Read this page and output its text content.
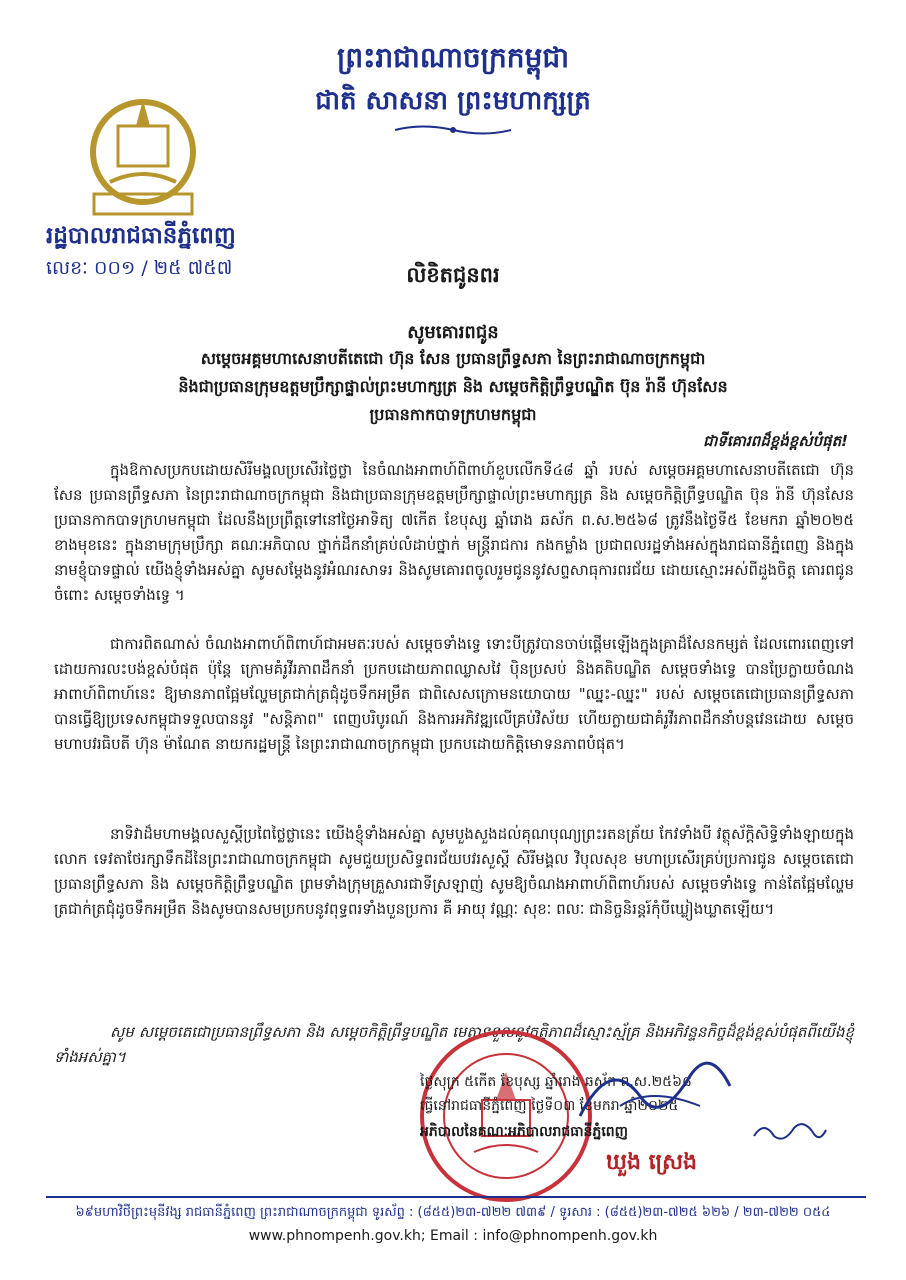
ព្រះរាជាណាចក្រកម្ពុជា
ជាតិ សាសនា ព្រះមហាក្សត្រ
រដ្ឋបាលរាជធានីភ្នំពេញ
លេខៈ ០០១ / ២៥ ៧៥៧	លិខិតជូនពរ
សូមគោរពជូន
សម្តេចអគ្គមហាសេនាបតីតេជោ ហ៊ុន សែន ប្រធានព្រឹទ្ធសភា នៃព្រះរាជាណាចក្រកម្ពុជា
និងជាប្រធានក្រុមឧត្តមប្រឹក្សាផ្ទាល់ព្រះមហាក្សត្រ និង សម្តេចកិត្តិព្រឹទ្ធបណ្ឌិត ប៊ុន រ៉ានី ហ៊ុនសែន
ប្រធានកាកបាទក្រហមកម្ពុជា
ជាទីគោរពដ៏ខ្ពង់ខ្ពស់បំផុត!
ក្នុងឱកាសប្រកបដោយសិរីមង្គលប្រសើរថ្លៃថ្លា នៃចំណងអាពាហ៍ពិពាហ៍ខួបលើកទី៤៨ ឆ្នាំ របស់ សម្តេចអគ្គមហាសេនាបតីតេជោ ហ៊ុន សែន ប្រធានព្រឹទ្ធសភា នៃព្រះរាជាណាចក្រកម្ពុជា និងជាប្រធានក្រុមឧត្តមប្រឹក្សាផ្ទាល់ព្រះមហាក្សត្រ និង សម្តេចកិត្តិព្រឹទ្ធបណ្ឌិត ប៊ុន រ៉ានី ហ៊ុនសែន ប្រធានកាកបាទក្រហមកម្ពុជា ដែលនឹងប្រព្រឹត្តទៅនៅថ្ងៃអាទិត្យ ៧កើត ខែបុស្ស ឆ្នាំរោង ឆស័ក ព.ស.២៥៦៨ ត្រូវនឹងថ្ងៃទី៥ ខែមករា ឆ្នាំ២០២៥ ខាងមុខនេះ ក្នុងនាមក្រុមប្រឹក្សា គណៈអភិបាល ថ្នាក់ដឹកនាំគ្រប់លំដាប់ថ្នាក់ មន្ត្រីរាជការ កងកម្លាំង ប្រជាពលរដ្ឋទាំងអស់ក្នុងរាជធានីភ្នំពេញ និងក្នុងនាមខ្ញុំបាទផ្ទាល់ យើងខ្ញុំទាំងអស់គ្នា សូមសម្តែងនូវអំណរសាទរ និងសូមគោរពចូលរួមជូននូវសព្ទសាធុការពរជ័យ ដោយស្មោះអស់ពីដួងចិត្ត គោរពជូនចំពោះ សម្តេចទាំងទ្វេ ។
ជាការពិតណាស់ ចំណងអាពាហ៍ពិពាហ៍ជាអមតៈរបស់ សម្តេចទាំងទ្វេ ទោះបីត្រូវបានចាប់ផ្តើមឡើងក្នុងគ្រាដ៏សែនកម្សត់ ដែលពោរពេញទៅដោយការលះបង់ខ្ពស់បំផុត ប៉ុន្តែ ក្រោមគំរូវីរភាពដឹកនាំ ប្រកបដោយភាពឈ្លាសវៃ ប៉ិនប្រសប់ និងគតិបណ្ឌិត សម្តេចទាំងទ្វេ បានប្រែក្លាយចំណងអាពាហ៍ពិពាហ៍នេះ ឱ្យមានភាពផ្អែមល្ហែមត្រជាក់ត្រជុំដូចទឹកអម្រឹត ជាពិសេសក្រោមនយោបាយ "ឈ្នះ-ឈ្នះ" របស់ សម្តេចតេជោប្រធានព្រឹទ្ធសភា បានធ្វើឱ្យប្រទេសកម្ពុជាទទួលបាននូវ "សន្តិភាព" ពេញបរិបូរណ៍ និងការអភិវឌ្ឍលើគ្រប់វិស័យ ហើយក្លាយជាគំរូវីរភាពដឹកនាំបន្តវេនដោយ សម្តេចមហាបវរធិបតី ហ៊ុន ម៉ាណែត នាយករដ្ឋមន្ត្រី នៃព្រះរាជាណាចក្រកម្ពុជា ប្រកបដោយកិត្តិមោទនភាពបំផុត។
នាទិវាដ៏មហាមង្គលសួស្តីប្រពៃថ្លៃថ្លានេះ យើងខ្ញុំទាំងអស់គ្នា សូមបួងសួងដល់គុណបុណ្យព្រះរតនត្រ័យ កែវទាំងបី វត្ថុស័ក្តិសិទ្ធិទាំងឡាយក្នុងលោក ទេវតាថែរក្សាទឹកដីនៃព្រះរាជាណាចក្រកម្ពុជា សូមជួយប្រសិទ្ធពរជ័យបវរសួស្តី សិរីមង្គល វិបុលសុខ មហាប្រសើរគ្រប់ប្រការជូន សម្តេចតេជោប្រធានព្រឹទ្ធសភា និង សម្តេចកិត្តិព្រឹទ្ធបណ្ឌិត ព្រមទាំងក្រុមគ្រួសារជាទីស្រឡាញ់ សូមឱ្យចំណងអាពាហ៍ពិពាហ៍របស់ សម្តេចទាំងទ្វេ កាន់តែផ្អែមល្ហែមត្រជាក់ត្រជុំដូចទឹកអម្រឹត និងសូមបានសមប្រកបនូវពុទ្ធពរទាំងបួនប្រការ គឺ អាយុ វណ្ណៈ សុខៈ ពលៈ ជានិច្ចនិរន្តរ៍កុំបីឃ្លៀងឃ្លាតឡើយ។
សូម សម្តេចតេជោប្រធានព្រឹទ្ធសភា និង សម្តេចកិត្តិព្រឹទ្ធបណ្ឌិត មេត្តាទទួលនូវកត្តិភាពដ៏ស្មោះស្ម័គ្រ និងអភិវន្ទនកិច្ចដ៏ខ្ពង់ខ្ពស់បំផុតពីយើងខ្ញុំទាំងអស់គ្នា។
ថ្ងៃសុក្រ ៥កើត ខែបុស្ស ឆ្នាំរោង ឆស័ក ព.ស.២៥៦៨
ធ្វើនៅរាជធានីភ្នំពេញ ថ្ងៃទី០៣ ខែមករា ឆ្នាំ២០២៥
អភិបាលនៃគណៈអភិបាលរាជធានីភ្នំពេញ
ឃួង ស្រេង
៦៩មហាវិថីព្រះមុនីវង្ស រាជធានីភ្នំពេញ ព្រះរាជាណាចក្រកម្ពុជា ទូរស័ព្ទ : (៨៥៥)២៣-៧២២ ៧៣៩ / ទូរសារ : (៨៥៥)២៣-៧២៥ ៦២៦ / ២៣-៧២២ ០៥៤
www.phnompenh.gov.kh; Email : info@phnompenh.gov.kh
